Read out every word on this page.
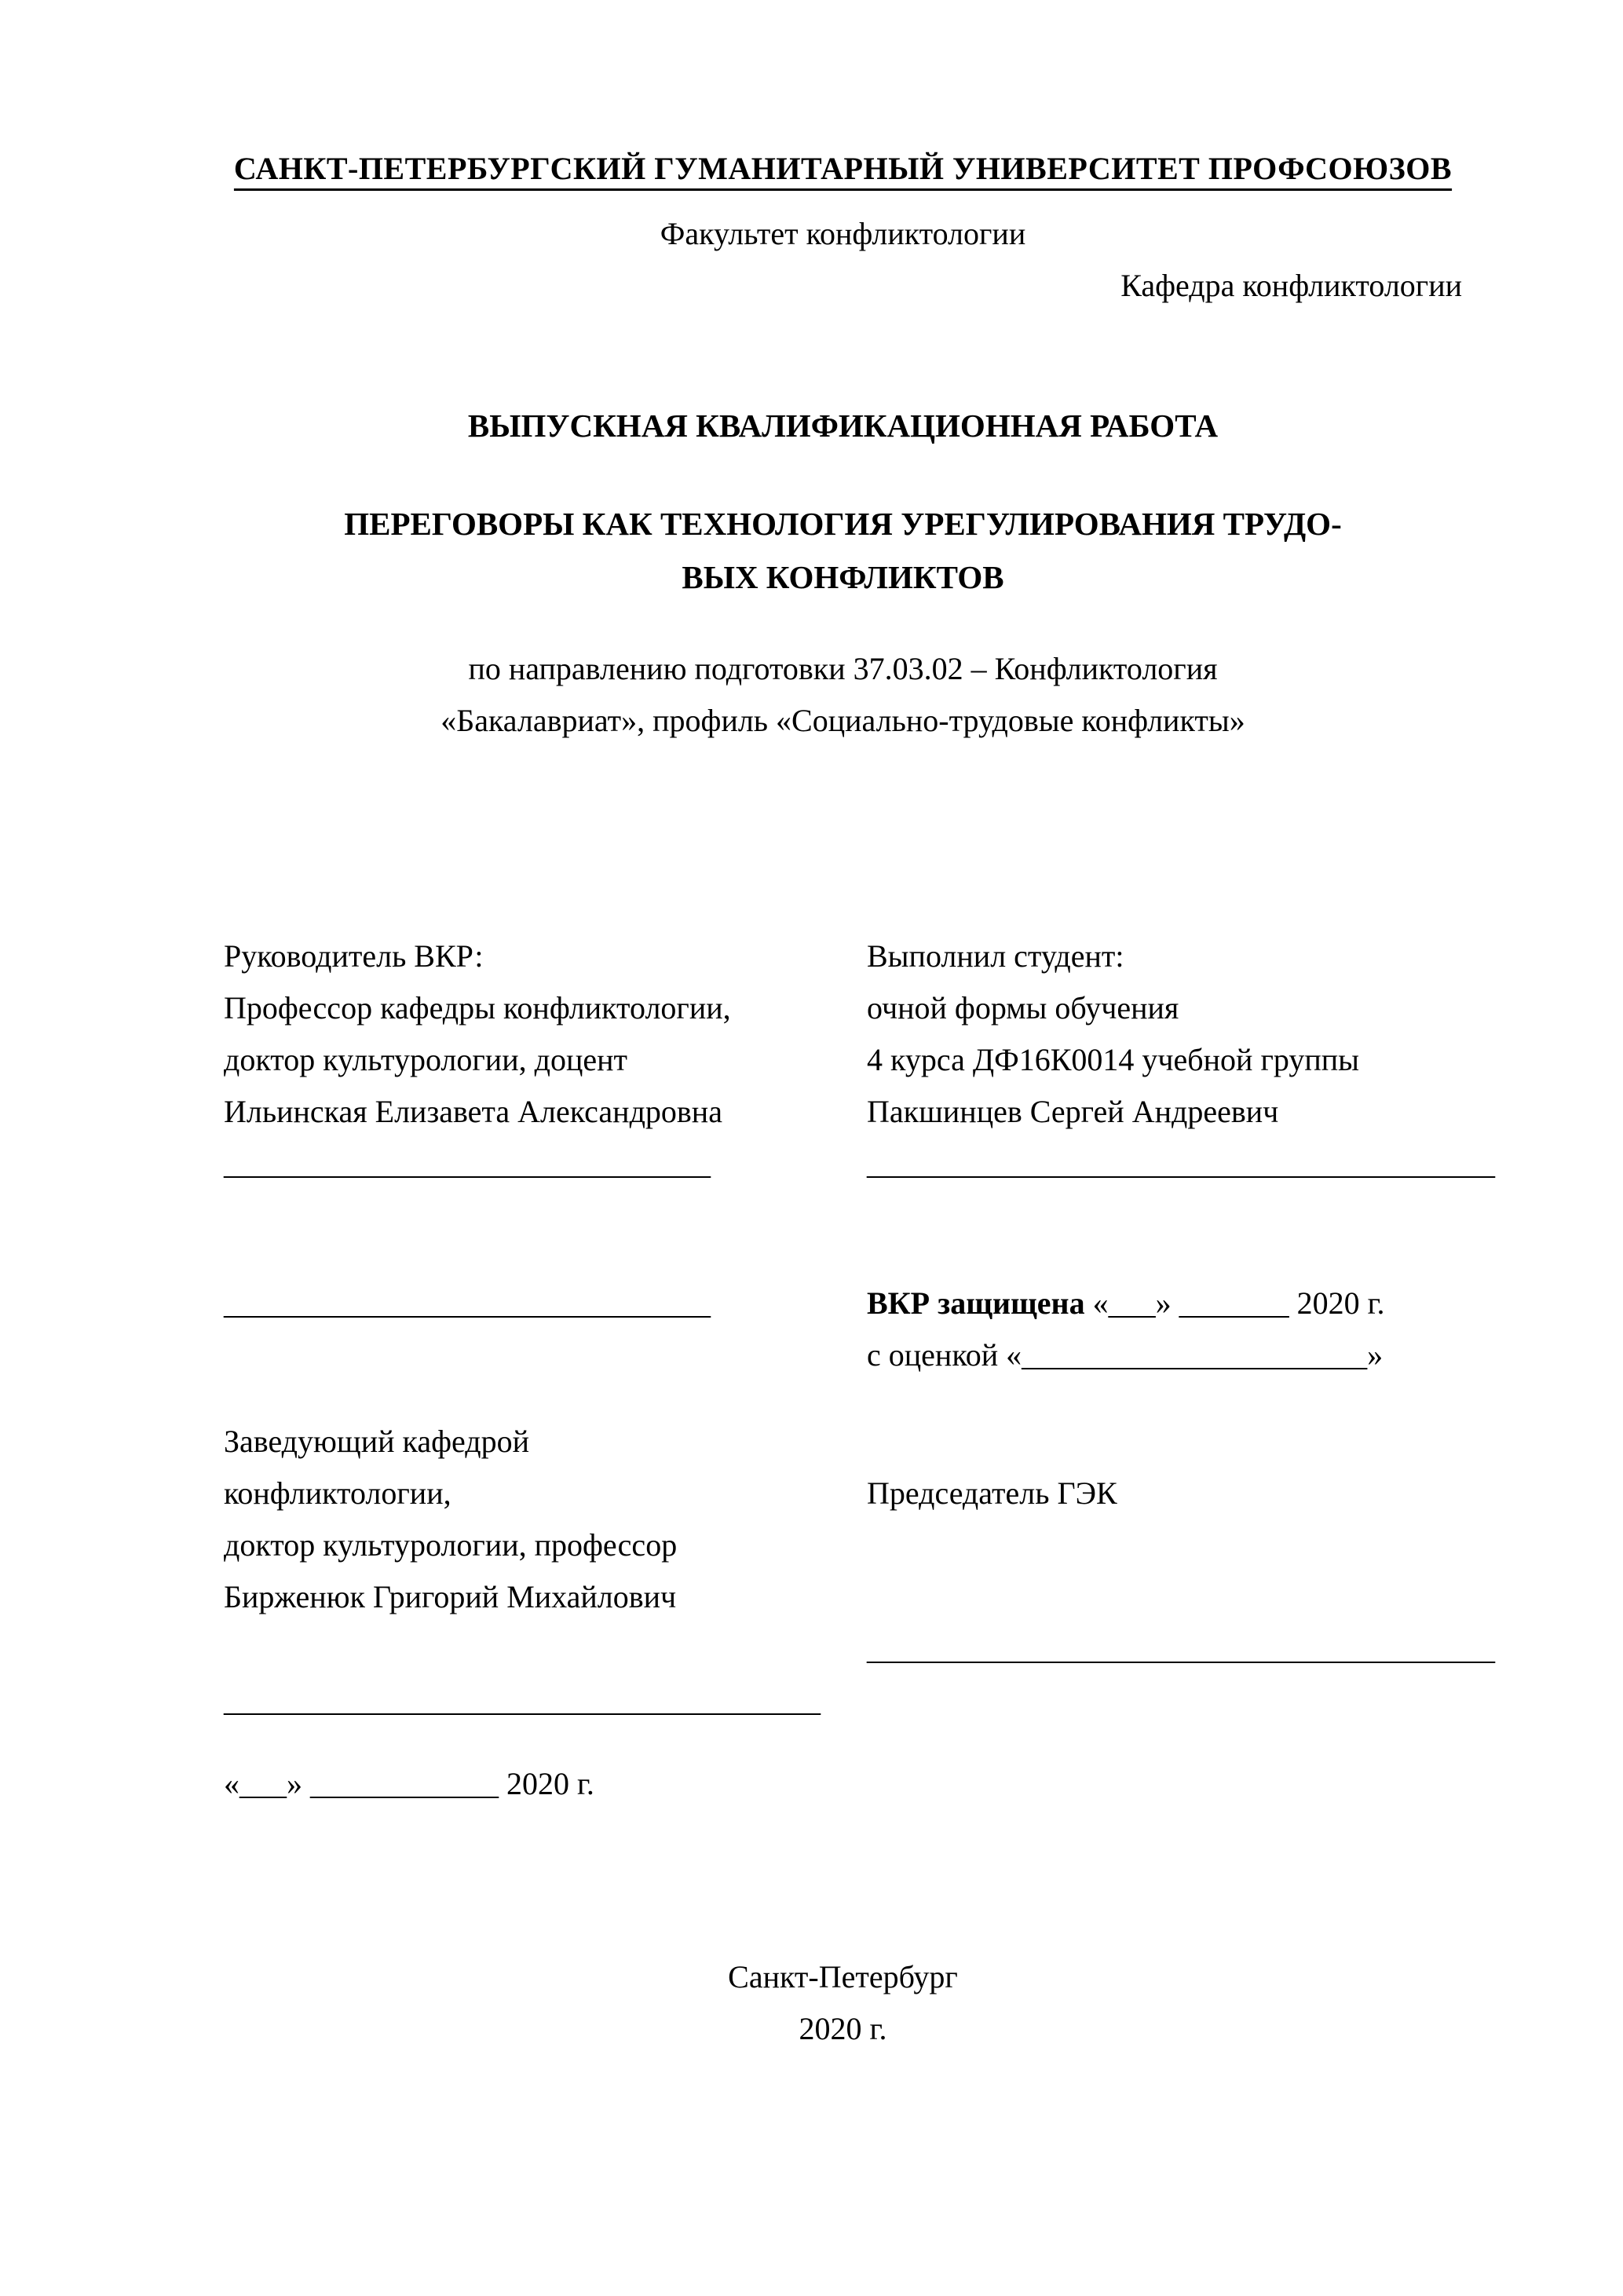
САНКТ-ПЕТЕРБУРГСКИЙ ГУМАНИТАРНЫЙ УНИВЕРСИТЕТ ПРОФСОЮЗОВ
Факультет конфликтологии
Кафедра конфликтологии
ВЫПУСКНАЯ КВАЛИФИКАЦИОННАЯ РАБОТА
ПЕРЕГОВОРЫ КАК ТЕХНОЛОГИЯ УРЕГУЛИРОВАНИЯ ТРУДО-
ВЫХ КОНФЛИКТОВ
по направлению подготовки 37.03.02 – Конфликтология
«Бакалавриат», профиль «Социально-трудовые конфликты»
Руководитель ВКР:
Профессор кафедры конфликтологии,
доктор культурологии, доцент
Ильинская Елизавета Александровна
_______________________________
Выполнил студент:
очной формы обучения
4 курса ДФ16К0014 учебной группы
Пакшинцев Сергей Андреевич
________________________________________
_______________________________	ВКР защищена «___» _______ 2020 г.
с оценкой «______________________»
Заведующий кафедрой
конфликтологии,
доктор культурологии, профессор
Бирженюк Григорий Михайлович
______________________________________
«___» ____________ 2020 г.
Председатель ГЭК
________________________________________
Санкт-Петербург
2020 г.
